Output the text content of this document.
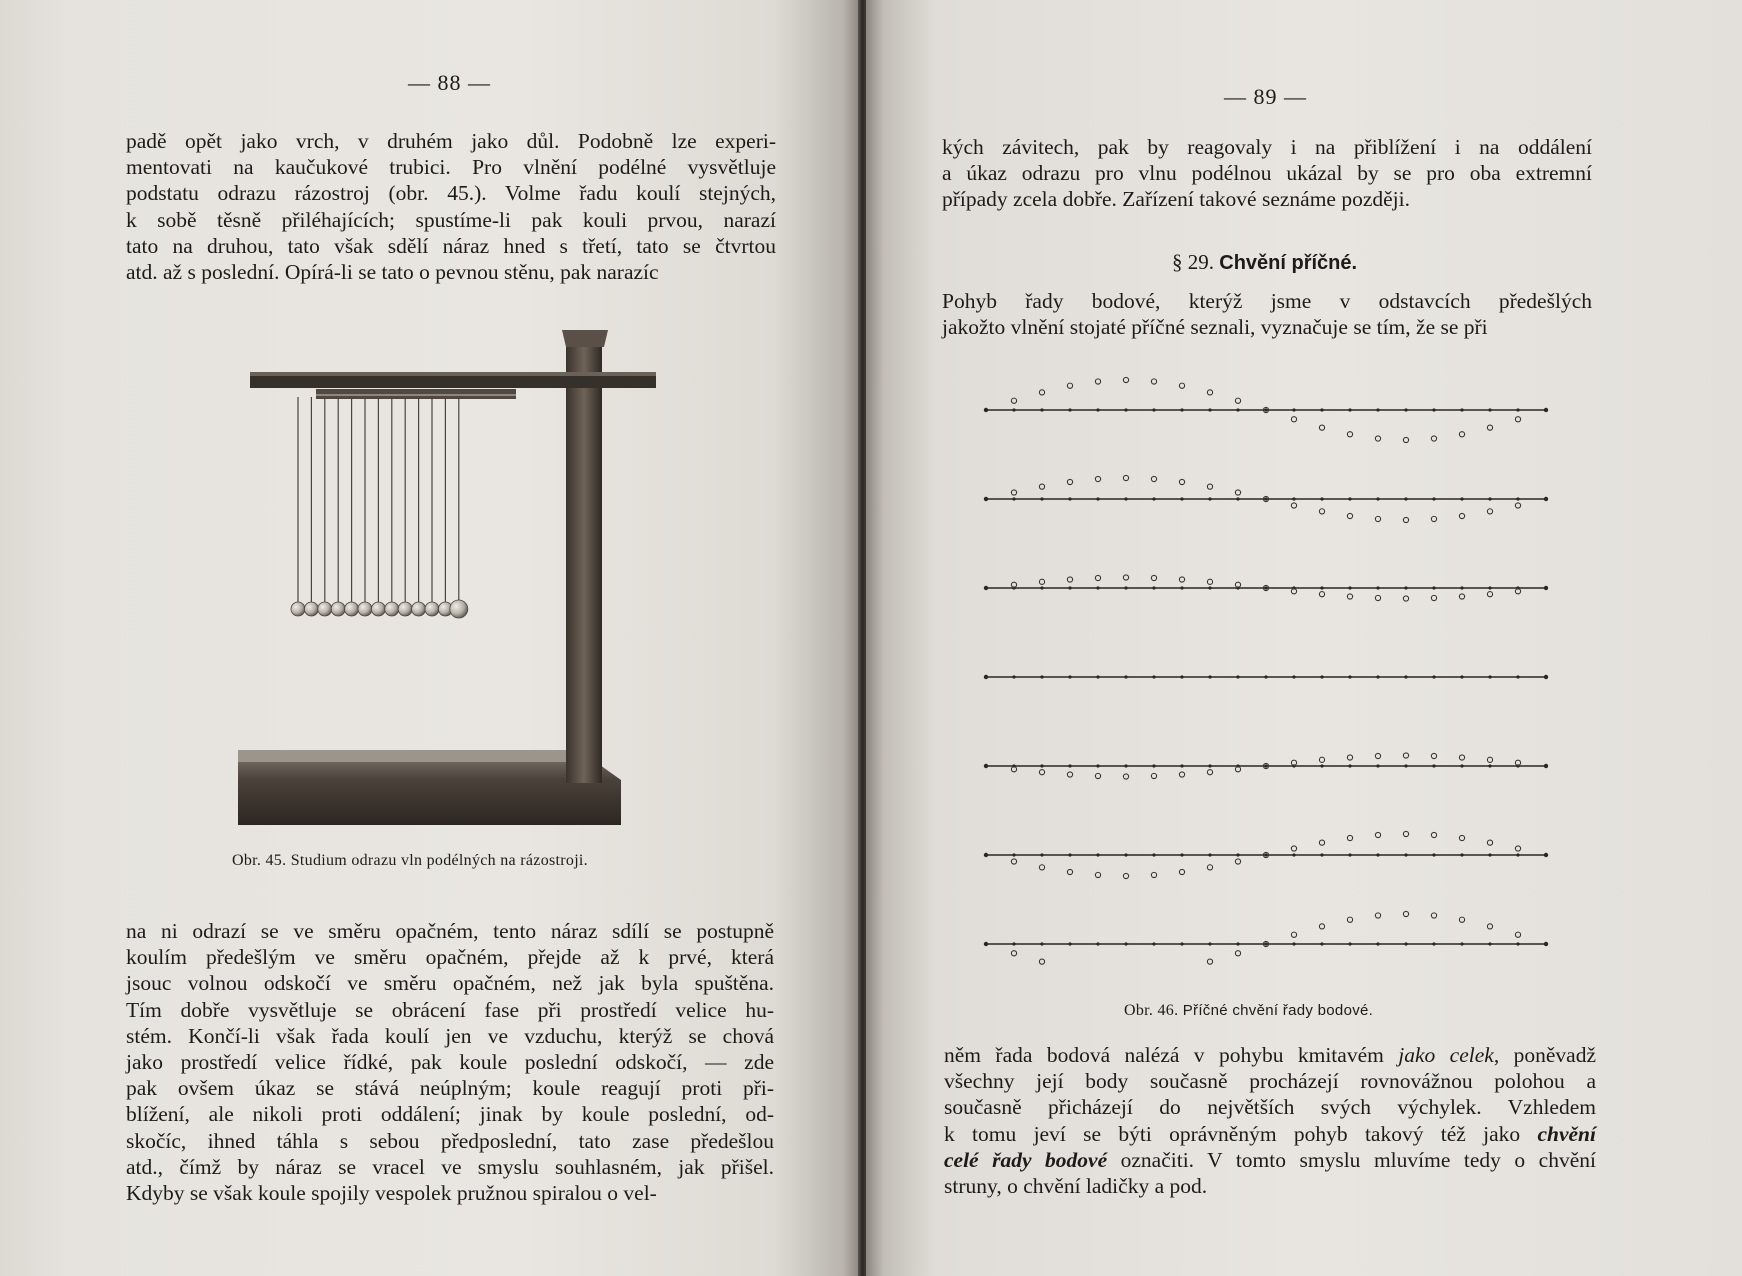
— 88 —
padě opět jako vrch, v druhém jako důl. Podobně lze experi-
mentovati na kaučukové trubici. Pro vlnění podélné vysvětluje
podstatu odrazu rázostroj (obr. 45.). Volme řadu koulí stejných,
k sobě těsně přiléhajících; spustíme-li pak kouli prvou, narazí
tato na druhou, tato však sdělí náraz hned s třetí, tato se čtvrtou
atd. až s poslední. Opírá-li se tato o pevnou stěnu, pak narazíc
Obr. 45. Studium odrazu vln podélných na rázostroji.
na ni odrazí se ve směru opačném, tento náraz sdílí se postupně
koulím předešlým ve směru opačném, přejde až k prvé, která
jsouc volnou odskočí ve směru opačném, než jak byla spuštěna.
Tím dobře vysvětluje se obrácení fase při prostředí velice hu-
stém. Končí-li však řada koulí jen ve vzduchu, kterýž se chová
jako prostředí velice řídké, pak koule poslední odskočí, — zde
pak ovšem úkaz se stává neúplným; koule reagují proti při-
blížení, ale nikoli proti oddálení; jinak by koule poslední, od-
skočíc, ihned táhla s sebou předposlední, tato zase předešlou
atd., čímž by náraz se vracel ve smyslu souhlasném, jak přišel.
Kdyby se však koule spojily vespolek pružnou spiralou o vel-
— 89 —
kých závitech, pak by reagovaly i na přiblížení i na oddálení
a úkaz odrazu pro vlnu podélnou ukázal by se pro oba extremní
případy zcela dobře. Zařízení takové seznáme později.
§ 29. Chvění příčné.
Pohyb řady bodové, kterýž jsme v odstavcích předešlých
jakožto vlnění stojaté příčné seznali, vyznačuje se tím, že se při
Obr. 46. Příčné chvění řady bodové.
něm řada bodová nalézá v pohybu kmitavém jako celek, poněvadž
všechny její body současně procházejí rovnovážnou polohou a
současně přicházejí do největších svých výchylek. Vzhledem
k tomu jeví se býti oprávněným pohyb takový též jako chvění
celé řady bodové označiti. V tomto smyslu mluvíme tedy o chvění
struny, o chvění ladičky a pod.
